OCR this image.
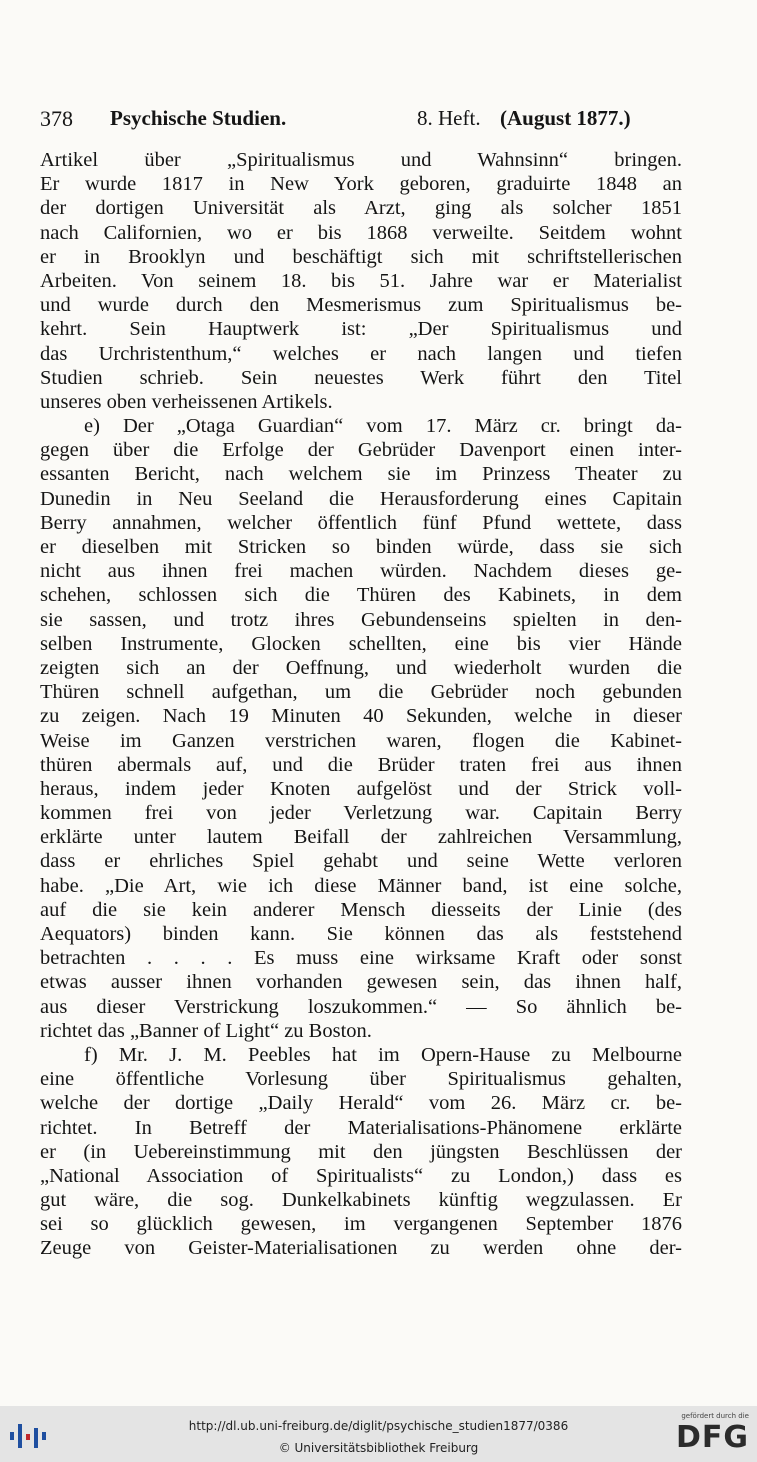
378 Psychische Studien.	8. Heft. (August 1877.)
Artikel über „Spiritualismus und Wahnsinn“ bringen.
Er wurde 1817 in New York geboren, graduirte 1848 an
der dortigen Universität als Arzt, ging als solcher 1851
nach Californien, wo er bis 1868 verweilte. Seitdem wohnt
er in Brooklyn und beschäftigt sich mit schriftstellerischen
Arbeiten. Von seinem 18. bis 51. Jahre war er Materialist
und wurde durch den Mesmerismus zum Spiritualismus be-
kehrt. Sein Hauptwerk ist: „Der Spiritualismus und
das Urchristenthum,“ welches er nach langen und tiefen
Studien schrieb. Sein neuestes Werk führt den Titel
unseres oben verheissenen Artikels.
e) Der „Otaga Guardian“ vom 17. März cr. bringt da-
gegen über die Erfolge der Gebrüder Davenport einen inter-
essanten Bericht, nach welchem sie im Prinzess Theater zu
Dunedin in Neu Seeland die Herausforderung eines Capitain
Berry annahmen, welcher öffentlich fünf Pfund wettete, dass
er dieselben mit Stricken so binden würde, dass sie sich
nicht aus ihnen frei machen würden. Nachdem dieses ge-
schehen, schlossen sich die Thüren des Kabinets, in dem
sie sassen, und trotz ihres Gebundenseins spielten in den-
selben Instrumente, Glocken schellten, eine bis vier Hände
zeigten sich an der Oeffnung, und wiederholt wurden die
Thüren schnell aufgethan, um die Gebrüder noch gebunden
zu zeigen. Nach 19 Minuten 40 Sekunden, welche in dieser
Weise im Ganzen verstrichen waren, flogen die Kabinet-
thüren abermals auf, und die Brüder traten frei aus ihnen
heraus, indem jeder Knoten aufgelöst und der Strick voll-
kommen frei von jeder Verletzung war. Capitain Berry
erklärte unter lautem Beifall der zahlreichen Versammlung,
dass er ehrliches Spiel gehabt und seine Wette verloren
habe. „Die Art, wie ich diese Männer band, ist eine solche,
auf die sie kein anderer Mensch diesseits der Linie (des
Aequators) binden kann. Sie können das als feststehend
betrachten . . . . Es muss eine wirksame Kraft oder sonst
etwas ausser ihnen vorhanden gewesen sein, das ihnen half,
aus dieser Verstrickung loszukommen.“ — So ähnlich be-
richtet das „Banner of Light“ zu Boston.
f) Mr. J. M. Peebles hat im Opern-Hause zu Melbourne
eine öffentliche Vorlesung über Spiritualismus gehalten,
welche der dortige „Daily Herald“ vom 26. März cr. be-
richtet. In Betreff der Materialisations-Phänomene erklärte
er (in Uebereinstimmung mit den jüngsten Beschlüssen der
„National Association of Spiritualists“ zu London,) dass es
gut wäre, die sog. Dunkelkabinets künftig wegzulassen. Er
sei so glücklich gewesen, im vergangenen September 1876
Zeuge von Geister-Materialisationen zu werden ohne der-
http://dl.ub.uni-freiburg.de/diglit/psychische_studien1877/0386
© Universitätsbibliothek Freiburg
gefördert durch die
DFG
